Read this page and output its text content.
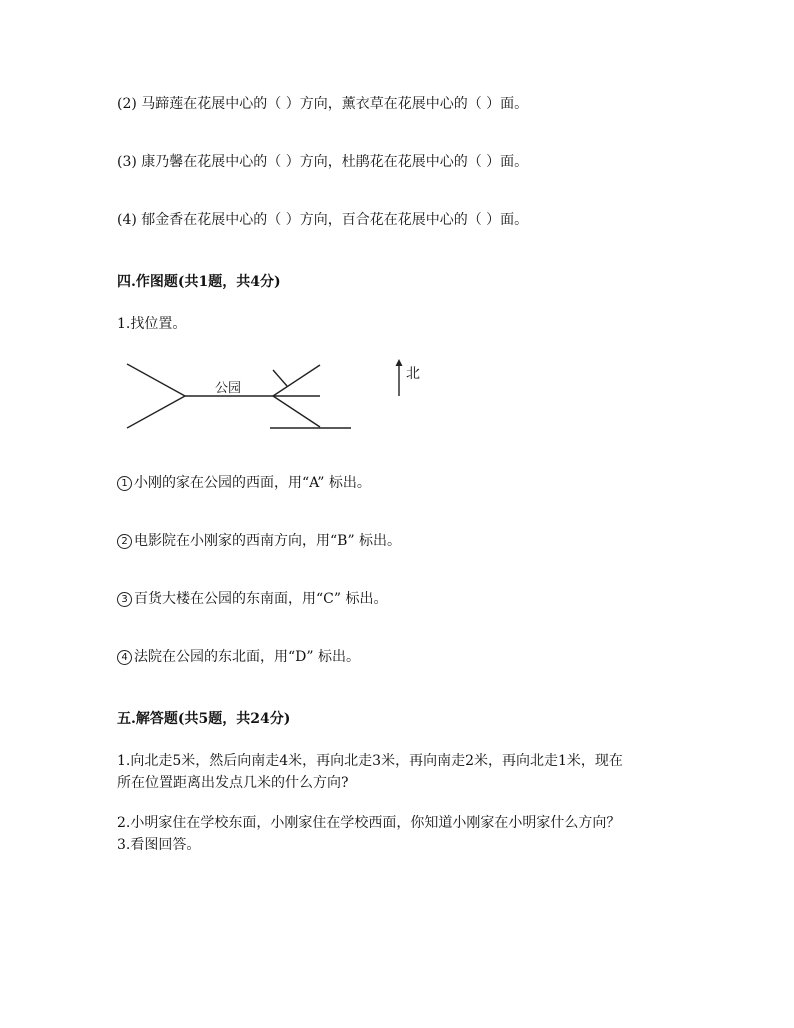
(2) 马蹄莲在花展中心的（ ）方向，薰衣草在花展中心的（ ）面。
(3) 康乃馨在花展中心的（ ）方向，杜鹃花在花展中心的（ ）面。
(4) 郁金香在花展中心的（ ）方向，百合花在花展中心的（ ）面。
四.作图题(共1题，共4分)
1.找位置。
公园
北
1 小刚的家在公园的西面，用“A” 标出。
2 电影院在小刚家的西南方向，用“B” 标出。
3 百货大楼在公园的东南面，用“C” 标出。
4 法院在公园的东北面，用“D” 标出。
五.解答题(共5题，共24分)
1.向北走5米，然后向南走4米，再向北走3米，再向南走2米，再向北走1米，现在
所在位置距离出发点几米的什么方向?
2.小明家住在学校东面，小刚家住在学校西面，你知道小刚家在小明家什么方向？
3.看图回答。
